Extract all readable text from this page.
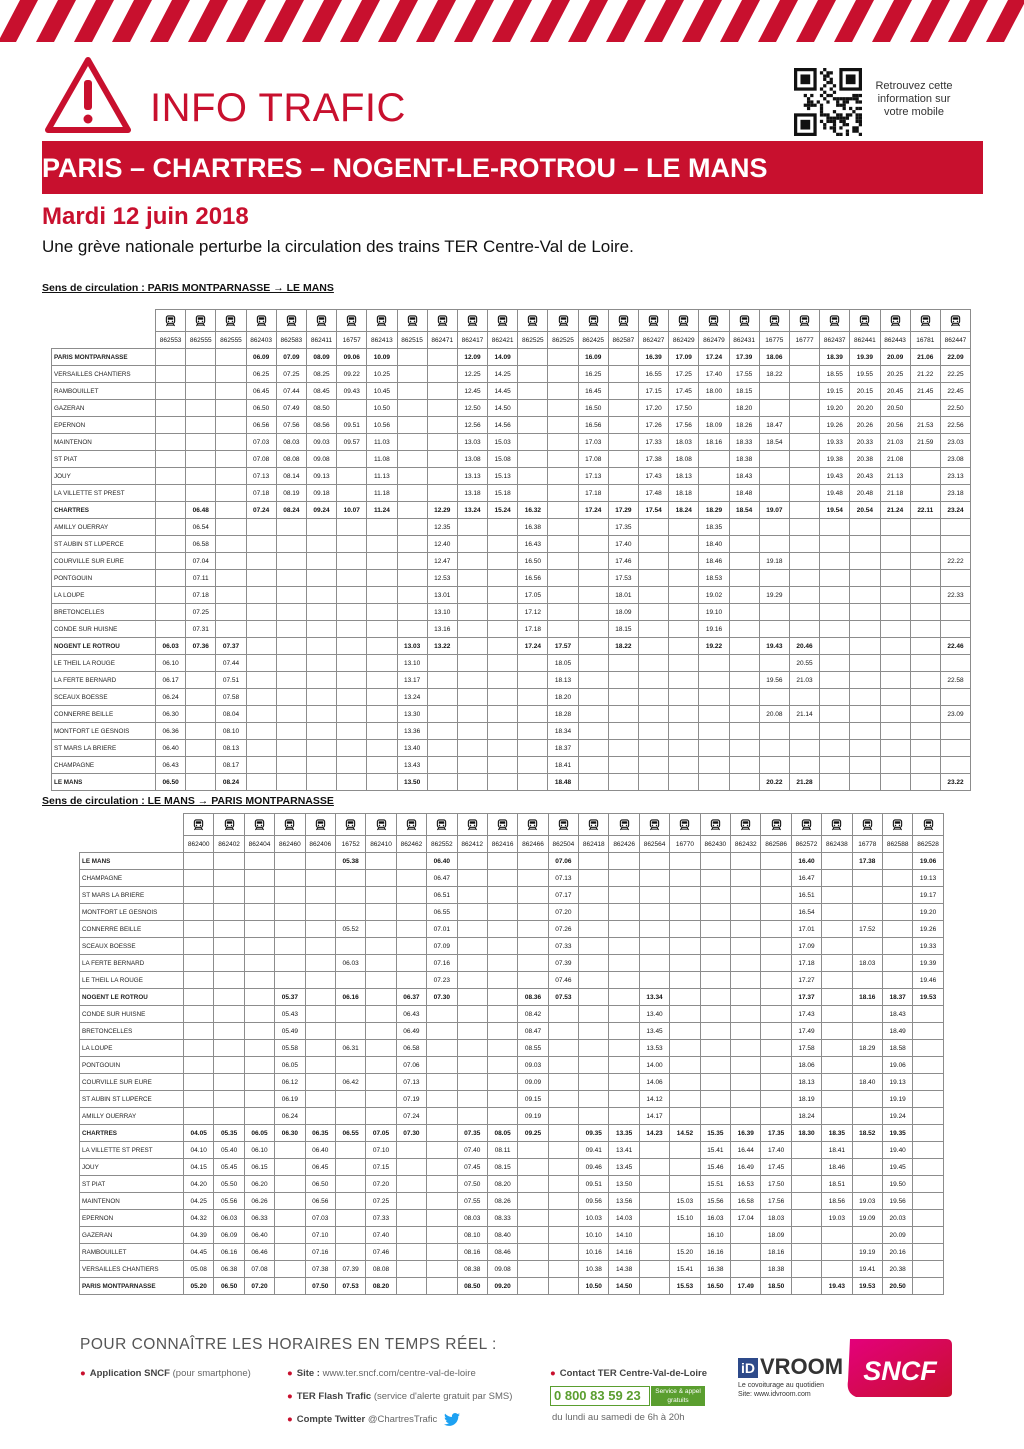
INFO TRAFIC	Retrouvez cette information sur votre mobile
PARIS – CHARTRES – NOGENT-LE-ROTROU – LE MANS
Mardi 12 juin 2018
Une grève nationale perturbe la circulation des trains TER Centre-Val de Loire.
Sens de circulation : PARIS MONTPARNASSE → LE MANS

	862553	862555	862555	862403	862583	862411	16757	862413	862515	862471	862417	862421	862525	862525	862425	862587	862427	862429	862479	862431	16775	16777	862437	862441	862443	16781	862447
PARIS MONTPARNASSE				06.09	07.09	08.09	09.06	10.09			12.09	14.09			16.09		16.39	17.09	17.24	17.39	18.06		18.39	19.39	20.09	21.06	22.09
VERSAILLES CHANTIERS				06.25	07.25	08.25	09.22	10.25			12.25	14.25			16.25		16.55	17.25	17.40	17.55	18.22		18.55	19.55	20.25	21.22	22.25
RAMBOUILLET				06.45	07.44	08.45	09.43	10.45			12.45	14.45			16.45		17.15	17.45	18.00	18.15			19.15	20.15	20.45	21.45	22.45
GAZERAN				06.50	07.49	08.50		10.50			12.50	14.50			16.50		17.20	17.50		18.20			19.20	20.20	20.50		22.50
EPERNON				06.56	07.56	08.56	09.51	10.56			12.56	14.56			16.56		17.26	17.56	18.09	18.26	18.47		19.26	20.26	20.56	21.53	22.56
MAINTENON				07.03	08.03	09.03	09.57	11.03			13.03	15.03			17.03		17.33	18.03	18.16	18.33	18.54		19.33	20.33	21.03	21.59	23.03
ST PIAT				07.08	08.08	09.08		11.08			13.08	15.08			17.08		17.38	18.08		18.38			19.38	20.38	21.08		23.08
JOUY				07.13	08.14	09.13		11.13			13.13	15.13			17.13		17.43	18.13		18.43			19.43	20.43	21.13		23.13
LA VILLETTE ST PREST				07.18	08.19	09.18		11.18			13.18	15.18			17.18		17.48	18.18		18.48			19.48	20.48	21.18		23.18
CHARTRES		06.48		07.24	08.24	09.24	10.07	11.24		12.29	13.24	15.24	16.32		17.24	17.29	17.54	18.24	18.29	18.54	19.07		19.54	20.54	21.24	22.11	23.24
AMILLY OUERRAY		06.54								12.35			16.38			17.35			18.35								
ST AUBIN ST LUPERCE		06.58								12.40			16.43			17.40			18.40								
COURVILLE SUR EURE		07.04								12.47			16.50			17.46			18.46		19.18						22.22
PONTGOUIN		07.11								12.53			16.56			17.53			18.53								
LA LOUPE		07.18								13.01			17.05			18.01			19.02		19.29						22.33
BRETONCELLES		07.25								13.10			17.12			18.09			19.10								
CONDE SUR HUISNE		07.31								13.16			17.18			18.15			19.16								
NOGENT LE ROTROU	06.03	07.36	07.37						13.03	13.22			17.24	17.57		18.22			19.22		19.43	20.46					22.46
LE THEIL LA ROUGE	06.10		07.44						13.10					18.05								20.55					
LA FERTE BERNARD	06.17		07.51						13.17					18.13							19.56	21.03					22.58
SCEAUX BOESSE	06.24		07.58						13.24					18.20													
CONNERRE BEILLE	06.30		08.04						13.30					18.28							20.08	21.14					23.09
MONTFORT LE GESNOIS	06.36		08.10						13.36					18.34													
ST MARS LA BRIERE	06.40		08.13						13.40					18.37													
CHAMPAGNE	06.43		08.17						13.43					18.41													
LE MANS	06.50		08.24						13.50					18.48							20.22	21.28					23.22
Sens de circulation : LE MANS → PARIS MONTPARNASSE

	862400	862402	862404	862460	862406	16752	862410	862462	862552	862412	862416	862466	862504	862418	862426	862564	16770	862430	862432	862586	862572	862438	16778	862588	862528
LE MANS						05.38			06.40				07.06								16.40		17.38		19.06
CHAMPAGNE									06.47				07.13								16.47				19.13
ST MARS LA BRIERE									06.51				07.17								16.51				19.17
MONTFORT LE GESNOIS									06.55				07.20								16.54				19.20
CONNERRE BEILLE						05.52			07.01				07.26								17.01		17.52		19.26
SCEAUX BOESSE									07.09				07.33								17.09				19.33
LA FERTE BERNARD						06.03			07.16				07.39								17.18		18.03		19.39
LE THEIL LA ROUGE									07.23				07.46								17.27				19.46
NOGENT LE ROTROU				05.37		06.16		06.37	07.30			08.36	07.53			13.34					17.37		18.16	18.37	19.53
CONDE SUR HUISNE				05.43				06.43				08.42				13.40					17.43			18.43	
BRETONCELLES				05.49				06.49				08.47				13.45					17.49			18.49	
LA LOUPE				05.58		06.31		06.58				08.55				13.53					17.58		18.29	18.58	
PONTGOUIN				06.05				07.06				09.03				14.00					18.06			19.06	
COURVILLE SUR EURE				06.12		06.42		07.13				09.09				14.06					18.13		18.40	19.13	
ST AUBIN ST LUPERCE				06.19				07.19				09.15				14.12					18.19			19.19	
AMILLY OUERRAY				06.24				07.24				09.19				14.17					18.24			19.24	
CHARTRES	04.05	05.35	06.05	06.30	06.35	06.55	07.05	07.30		07.35	08.05	09.25		09.35	13.35	14.23	14.52	15.35	16.39	17.35	18.30	18.35	18.52	19.35	
LA VILLETTE ST PREST	04.10	05.40	06.10		06.40		07.10			07.40	08.11			09.41	13.41			15.41	16.44	17.40		18.41		19.40	
JOUY	04.15	05.45	06.15		06.45		07.15			07.45	08.15			09.46	13.45			15.46	16.49	17.45		18.46		19.45	
ST PIAT	04.20	05.50	06.20		06.50		07.20			07.50	08.20			09.51	13.50			15.51	16.53	17.50		18.51		19.50	
MAINTENON	04.25	05.56	06.26		06.56		07.25			07.55	08.26			09.56	13.56		15.03	15.56	16.58	17.56		18.56	19.03	19.56	
EPERNON	04.32	06.03	06.33		07.03		07.33			08.03	08.33			10.03	14.03		15.10	16.03	17.04	18.03		19.03	19.09	20.03	
GAZERAN	04.39	06.09	06.40		07.10		07.40			08.10	08.40			10.10	14.10			16.10		18.09				20.09	
RAMBOUILLET	04.45	06.16	06.46		07.16		07.46			08.16	08.46			10.16	14.16		15.20	16.16		18.16			19.19	20.16	
VERSAILLES CHANTIERS	05.08	06.38	07.08		07.38	07.39	08.08			08.38	09.08			10.38	14.38		15.41	16.38		18.38			19.41	20.38	
PARIS MONTPARNASSE	05.20	06.50	07.20		07.50	07.53	08.20			08.50	09.20			10.50	14.50		15.53	16.50	17.49	18.50		19.43	19.53	20.50	
POUR CONNAÎTRE LES HORAIRES EN TEMPS RÉEL :
● Application SNCF (pour smartphone)	● Site : www.ter.sncf.com/centre-val-de-loire
● TER Flash Trafic (service d'alerte gratuit par SMS)
● Compte Twitter @ChartresTrafic
● Contact TER Centre-Val-de-Loire
0 800 83 59 23	Service & appel gratuits
du lundi au samedi de 6h à 20h
iD VROOM
Le covoiturage au quotidien
Site: www.idvroom.com
SNCF
